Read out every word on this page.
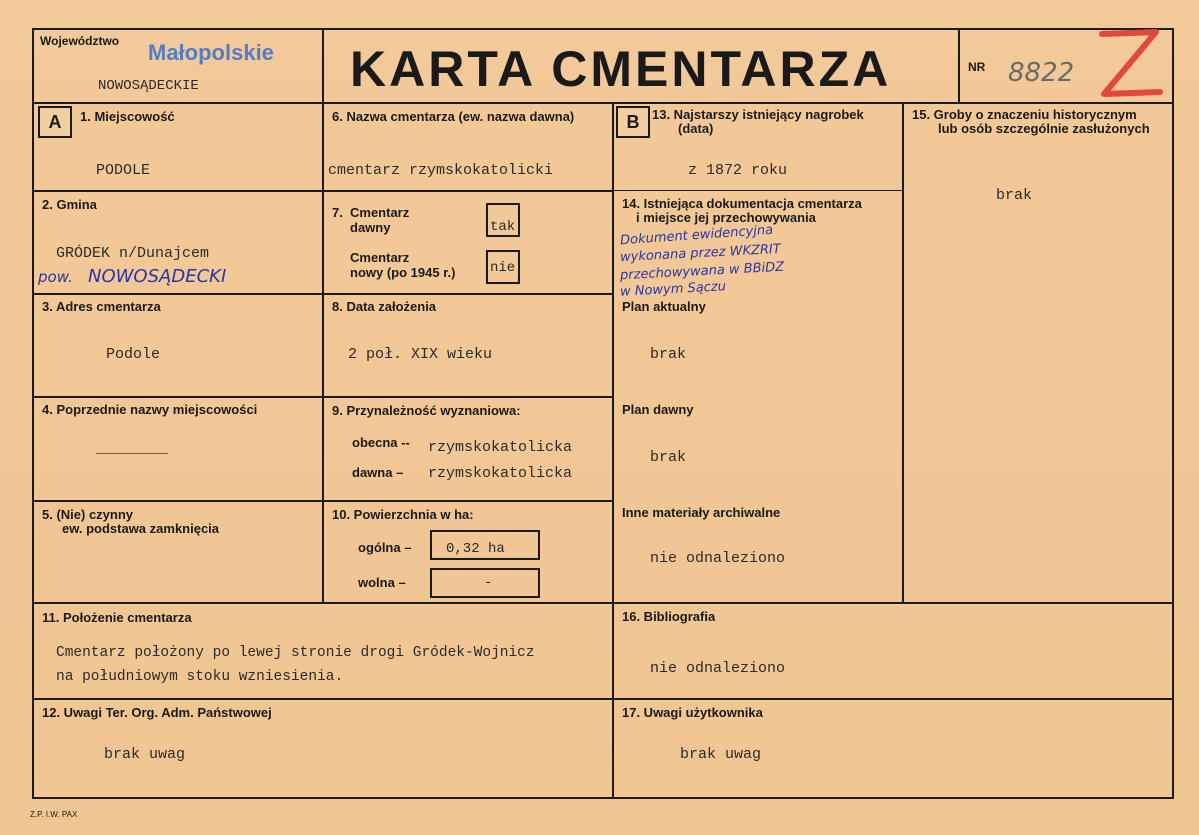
Województwo Małopolskie
NOWOSĄDECKIE	KARTA CMENTARZA	NR 8822
A	B
1. Miejscowość
PODOLE
2. Gmina
GRÓDEK n/Dunajcem
pow. NOWOSĄDECKI
3. Adres cmentarza
Podole
4. Poprzednie nazwy miejscowości
________
5. (Nie) czynny
ew. podstawa zamknięcia
6. Nazwa cmentarza (ew. nazwa dawna)
cmentarz rzymskokatolicki
7. Cmentarz
dawny	tak
Cmentarz
nowy (po 1945 r.) nie
8. Data założenia
2 poł. XIX wieku
9. Przynależność wyznaniowa:
obecna -- rzymskokatolicka
dawna – rzymskokatolicka
10. Powierzchnia w ha:
ogólna – 0,32 ha
wolna –	-
11. Położenie cmentarza
Cmentarz położony po lewej stronie drogi Gródek-Wojnicz
na południowym stoku wzniesienia.
12. Uwagi Ter. Org. Adm. Państwowej
brak uwag
13. Najstarszy istniejący nagrobek
(data)
z 1872 roku
14. Istniejąca dokumentacja cmentarza
i miejsce jej przechowywania
Dokument ewidencyjna
wykonana przez WKZRIT
przechowywana w BBiDZ
w Nowym Sączu
Plan aktualny
brak
Plan dawny
brak
Inne materiały archiwalne
nie odnaleziono
15. Groby o znaczeniu historycznym
lub osób szczególnie zasłużonych
brak
16. Bibliografia
nie odnaleziono
17. Uwagi użytkownika
brak uwag
Z.P. I.W. PAX
